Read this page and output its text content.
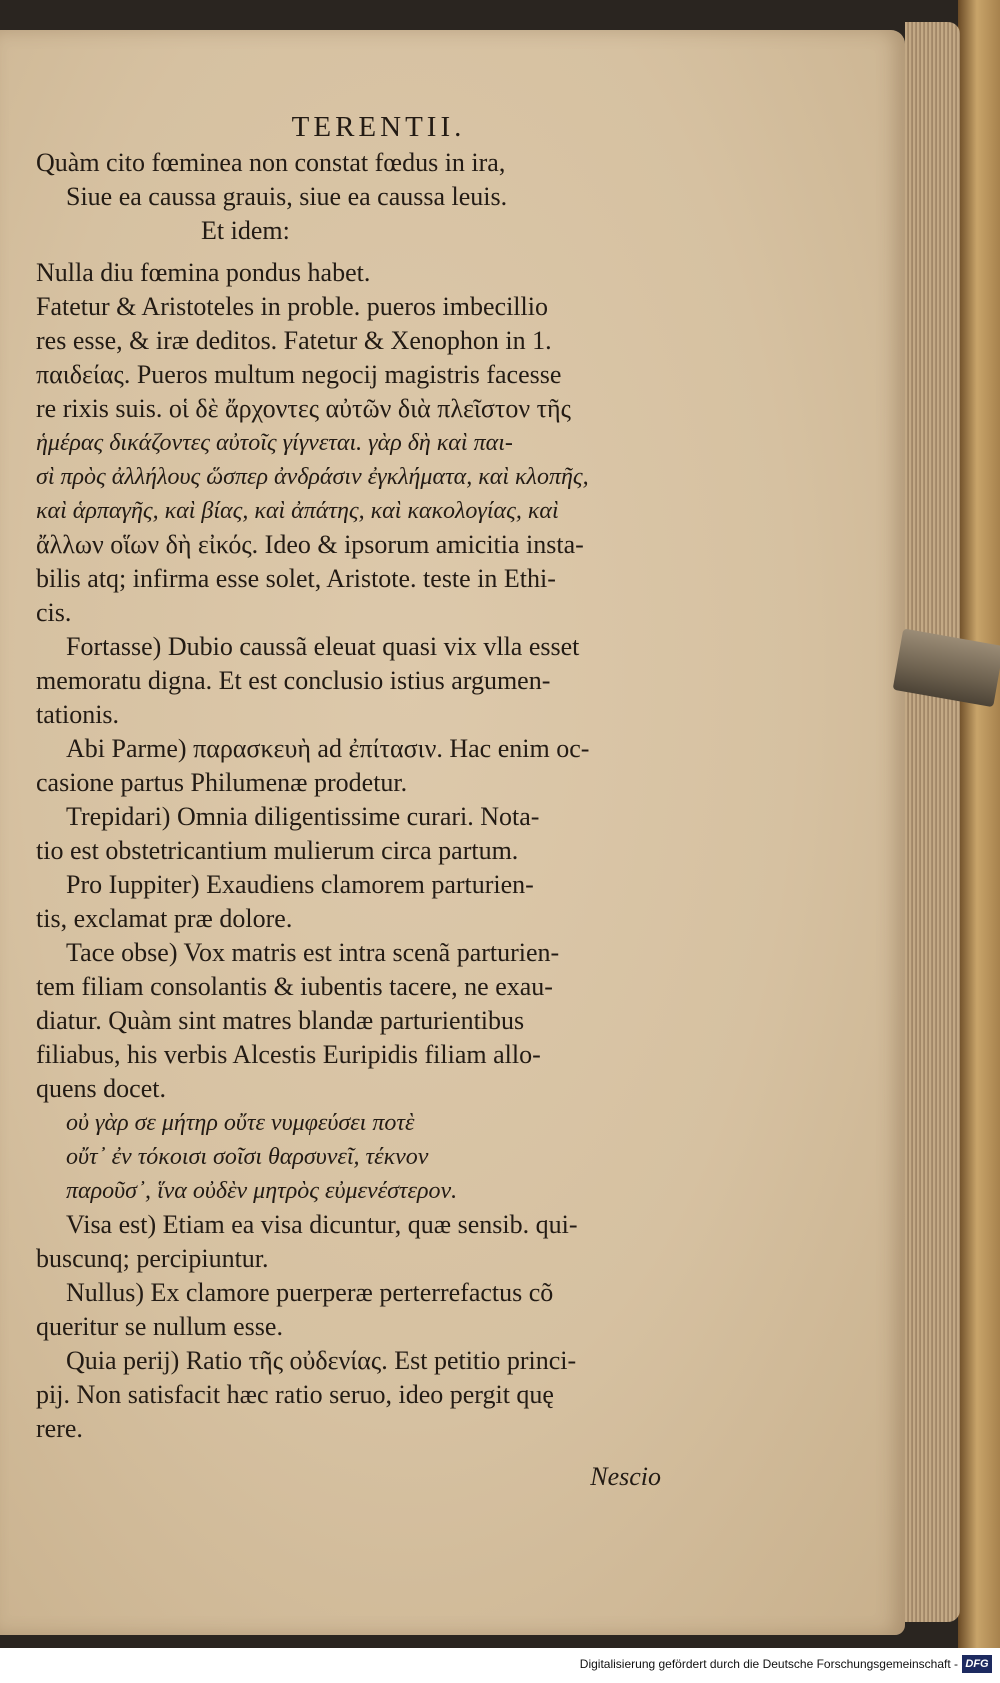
TERENTII.
Quàm cito fœminea non constat fœdus in ira,
Siue ea caussa grauis, siue ea caussa leuis.
Et idem:
Nulla diu fœmina pondus habet.
Fatetur & Aristoteles in proble. pueros imbecillio
res esse, & iræ deditos. Fatetur & Xenophon in 1.
παιδείας. Pueros multum negocij magistris facesse
re rixis suis. οἱ δὲ ἄρχοντες αὐτῶν διὰ πλεῖστον τῆς
ἡμέρας δικάζοντες αὐτοῖς γίγνεται. γὰρ δὴ καὶ παι-
σὶ πρὸς ἀλλήλους ὥσπερ ἀνδράσιν ἐγκλήματα, καὶ κλοπῆς,
καὶ ἁρπαγῆς, καὶ βίας, καὶ ἀπάτης, καὶ κακολογίας, καὶ
ἄλλων οἵων δὴ εἰκός. Ideo & ipsorum amicitia insta-
bilis atq; infirma esse solet, Aristote. teste in Ethi-
cis.
Fortasse) Dubio caussã eleuat quasi vix vlla esset
memoratu digna. Et est conclusio istius argumen-
tationis.
Abi Parme) παρασκευὴ ad ἐπίτασιν. Hac enim oc-
casione partus Philumenæ prodetur.
Trepidari) Omnia diligentissime curari. Nota-
tio est obstetricantium mulierum circa partum.
Pro Iuppiter) Exaudiens clamorem parturien-
tis, exclamat præ dolore.
Tace obse) Vox matris est intra scenã parturien-
tem filiam consolantis & iubentis tacere, ne exau-
diatur. Quàm sint matres blandæ parturientibus
filiabus, his verbis Alcestis Euripidis filiam allo-
quens docet.
οὐ γὰρ σε μήτηρ οὔτε νυμφεύσει ποτὲ
οὔτ᾽ ἐν τόκοισι σοῖσι θαρσυνεῖ, τέκνον
παροῦσ᾽, ἵνα οὐδὲν μητρὸς εὐμενέστερον.
Visa est) Etiam ea visa dicuntur, quæ sensib. qui-
buscunq; percipiuntur.
Nullus) Ex clamore puerperæ perterrefactus cõ
queritur se nullum esse.
Quia perij) Ratio τῆς οὐδενίας. Est petitio princi-
pij. Non satisfacit hæc ratio seruo, ideo pergit quę
rere.
Nescio
Digitalisierung gefördert durch die Deutsche Forschungsgemeinschaft - DFG
